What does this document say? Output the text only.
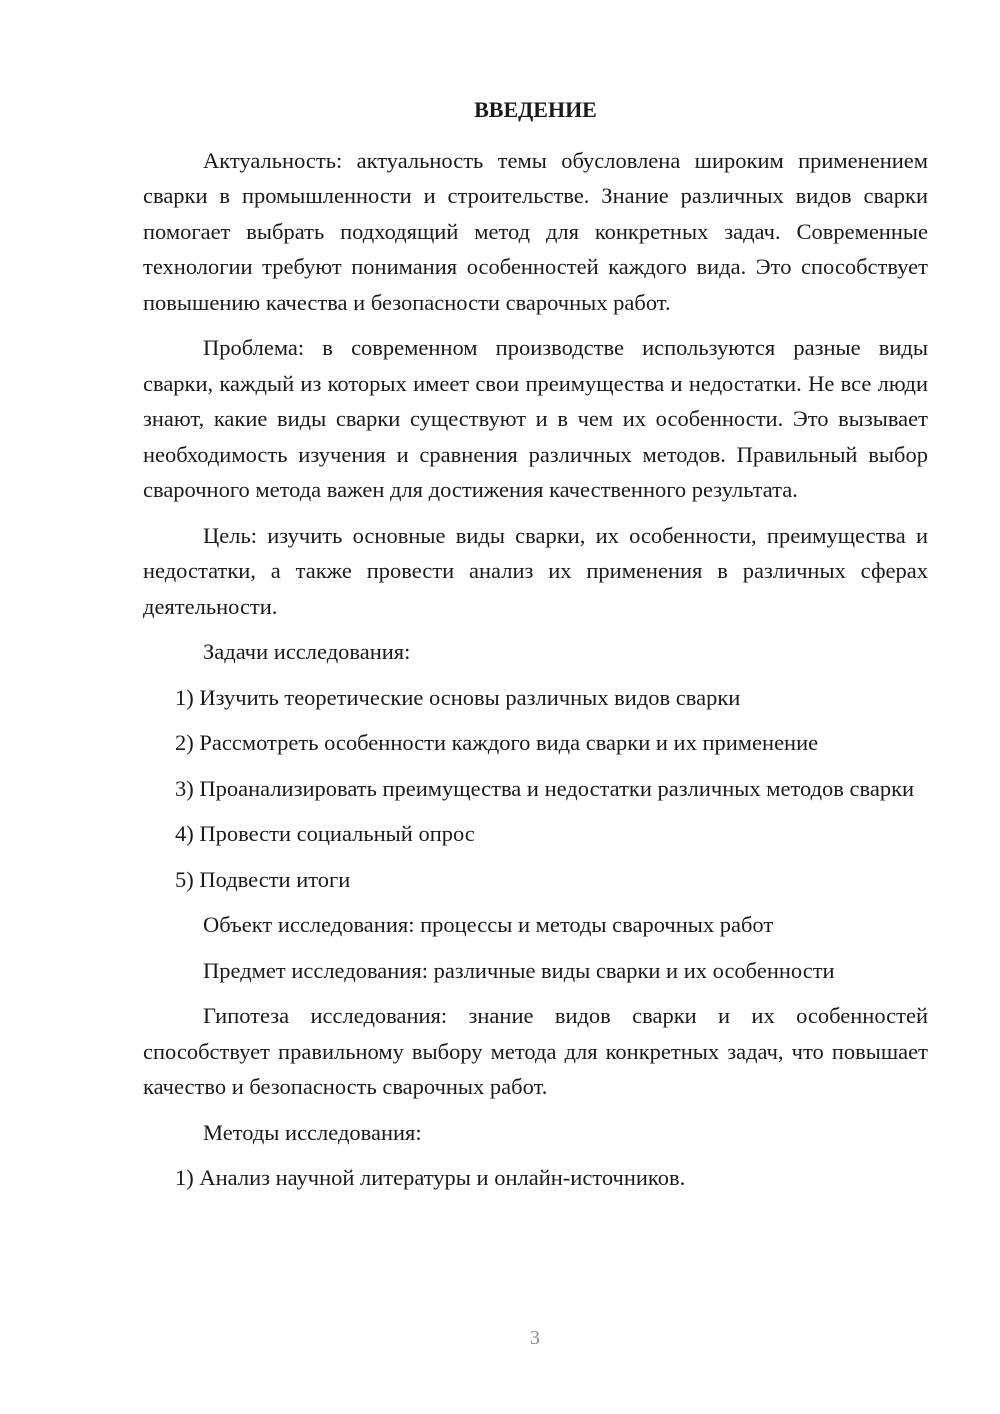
ВВЕДЕНИЕ

Актуальность: актуальность темы обусловлена широким применением сварки в промышленности и строительстве. Знание различных видов сварки помогает выбрать подходящий метод для конкретных задач. Современные технологии требуют понимания особенностей каждого вида. Это способствует повышению качества и безопасности сварочных работ.

Проблема: в современном производстве используются разные виды сварки, каждый из которых имеет свои преимущества и недостатки. Не все люди знают, какие виды сварки существуют и в чем их особенности. Это вызывает необходимость изучения и сравнения различных методов. Правильный выбор сварочного метода важен для достижения качественного результата.

Цель: изучить основные виды сварки, их особенности, преимущества и недостатки, а также провести анализ их применения в различных сферах деятельности.

Задачи исследования:

1) Изучить теоретические основы различных видов сварки

2) Рассмотреть особенности каждого вида сварки и их применение

3) Проанализировать преимущества и недостатки различных методов сварки

4) Провести социальный опрос

5) Подвести итоги

Объект исследования: процессы и методы сварочных работ

Предмет исследования: различные виды сварки и их особенности

Гипотеза исследования: знание видов сварки и их особенностей способствует правильному выбору метода для конкретных задач, что повышает качество и безопасность сварочных работ.

Методы исследования:

1) Анализ научной литературы и онлайн-источников.

3
